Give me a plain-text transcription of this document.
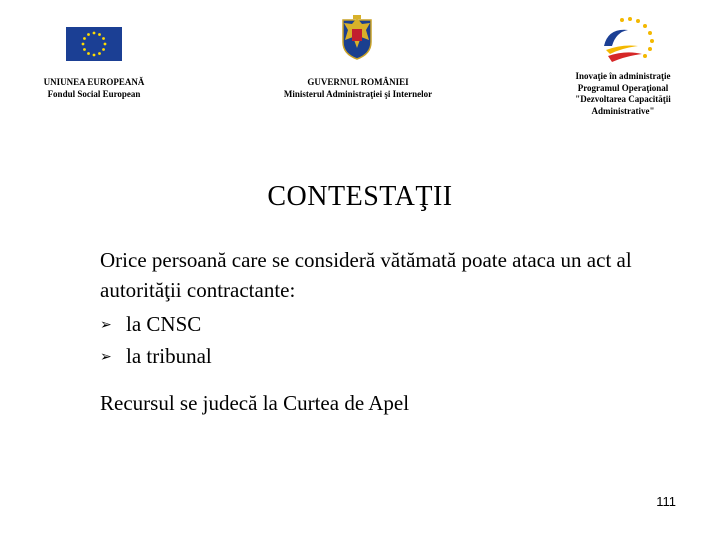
UNIUNEA EUROPEANĂ
Fondul Social European
GUVERNUL ROMÂNIEI
Ministerul Administraţiei şi Internelor
Inovaţie în administraţie
Programul Operaţional
"Dezvoltarea Capacităţii
Administrative"
CONTESTAŢII
Orice persoană care se consideră vătămată poate ataca un act al autorităţii contractante:
➢ la CNSC
➢ la tribunal
Recursul se judecă la Curtea de Apel
111
